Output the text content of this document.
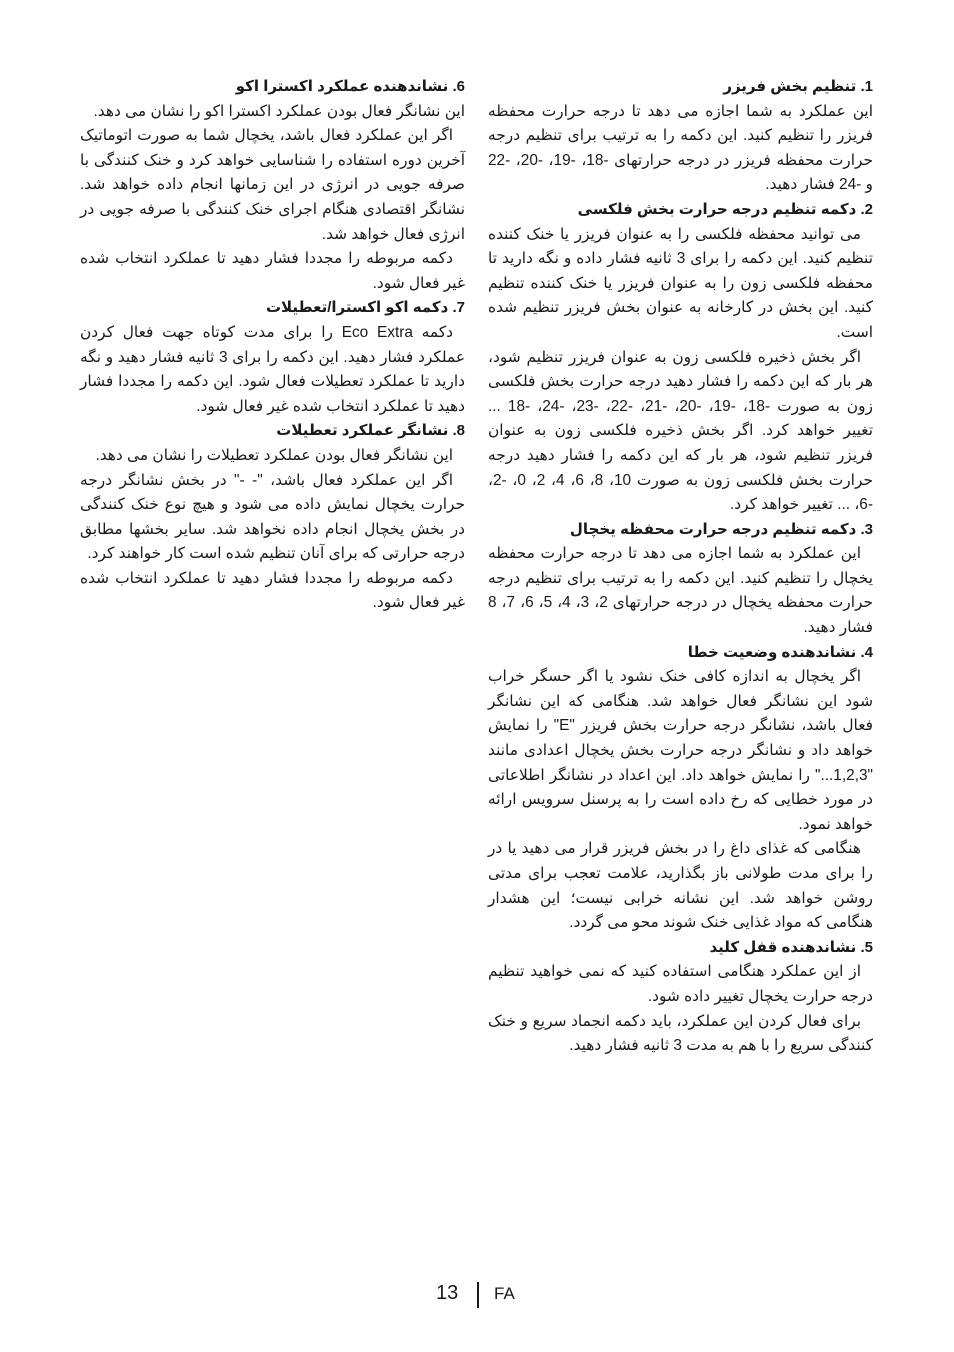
1. تنظیم بخش فریزر

این عملکرد به شما اجازه می دهد تا درجه حرارت محفظه فریزر را تنظیم کنید. این دکمه را به ترتیب برای تنظیم درجه حرارت محفظه فریزر در درجه حرارتهای -18، -19، -20، -22 و -24 فشار دهید.

2. دکمه تنظیم درجه حرارت بخش فلکسی

می توانید محفظه فلکسی را به عنوان فریزر یا خنک کننده تنظیم کنید. این دکمه را برای 3 ثانیه فشار داده و نگه دارید تا محفظه فلکسی زون را به عنوان فریزر یا خنک کننده تنظیم کنید. این بخش در کارخانه به عنوان بخش فریزر تنظیم شده است.

اگر بخش ذخیره فلکسی زون به عنوان فریزر تنظیم شود، هر بار که این دکمه را فشار دهید درجه حرارت بخش فلکسی زون به صورت -18، -19، -20، -21، -22، -23، -24، -18 ... تغییر خواهد کرد. اگر بخش ذخیره فلکسی زون به عنوان فریزر تنظیم شود، هر بار که این دکمه را فشار دهید درجه حرارت بخش فلکسی زون به صورت 10، 8، 6، 4، 2، 0، -2، -6، ... تغییر خواهد کرد.

3. دکمه تنظیم درجه حرارت محفظه یخچال

این عملکرد به شما اجازه می دهد تا درجه حرارت محفظه یخچال را تنظیم کنید. این دکمه را به ترتیب برای تنظیم درجه حرارت محفظه یخچال در درجه حرارتهای 2، 3، 4، 5، 6، 7، 8 فشار دهید.

4. نشاندهنده وضعیت خطا

اگر یخچال به اندازه کافی خنک نشود یا اگر حسگر خراب شود این نشانگر فعال خواهد شد. هنگامی که این نشانگر فعال باشد، نشانگر درجه حرارت بخش فریزر "E" را نمایش خواهد داد و نشانگر درجه حرارت بخش یخچال اعدادی مانند "1,2,3..." را نمایش خواهد داد. این اعداد در نشانگر اطلاعاتی در مورد خطایی که رخ داده است را به پرسنل سرویس ارائه خواهد نمود.

هنگامی که غذای داغ را در بخش فریزر قرار می دهید یا در را برای مدت طولانی باز بگذارید، علامت تعجب برای مدتی روشن خواهد شد. این نشانه خرابی نیست؛ این هشدار هنگامی که مواد غذایی خنک شوند محو می گردد.

5. نشاندهنده قفل کلید

از این عملکرد هنگامی استفاده کنید که نمی خواهید تنظیم درجه حرارت یخچال تغییر داده شود.

برای فعال کردن این عملکرد، باید دکمه انجماد سریع و خنک کنندگی سریع را با هم به مدت 3 ثانیه فشار دهید.

6. نشاندهنده عملکرد اکسترا اکو

این نشانگر فعال بودن عملکرد اکسترا اکو را نشان می دهد.

اگر این عملکرد فعال باشد، یخچال شما به صورت اتوماتیک آخرین دوره استفاده را شناسایی خواهد کرد و خنک کنندگی با صرفه جویی در انرژی در این زمانها انجام داده خواهد شد. نشانگر اقتصادی هنگام اجرای خنک کنندگی با صرفه جویی در انرژی فعال خواهد شد.

دکمه مربوطه را مجددا فشار دهید تا عملکرد انتخاب شده غیر فعال شود.

7. دکمه اکو اکسترا/تعطیلات

دکمه Eco Extra را برای مدت کوتاه جهت فعال کردن عملکرد فشار دهید. این دکمه را برای 3 ثانیه فشار دهید و نگه دارید تا عملکرد تعطیلات فعال شود. این دکمه را مجددا فشار دهید تا عملکرد انتخاب شده غیر فعال شود.

8. نشانگر عملکرد تعطیلات

این نشانگر فعال بودن عملکرد تعطیلات را نشان می دهد.

اگر این عملکرد فعال باشد، "- -" در بخش نشانگر درجه حرارت یخچال نمایش داده می شود و هیچ نوع خنک کنندگی در بخش یخچال انجام داده نخواهد شد. سایر بخشها مطابق درجه حرارتی که برای آنان تنظیم شده است کار خواهند کرد.

دکمه مربوطه را مجددا فشار دهید تا عملکرد انتخاب شده غیر فعال شود.

13 FA
